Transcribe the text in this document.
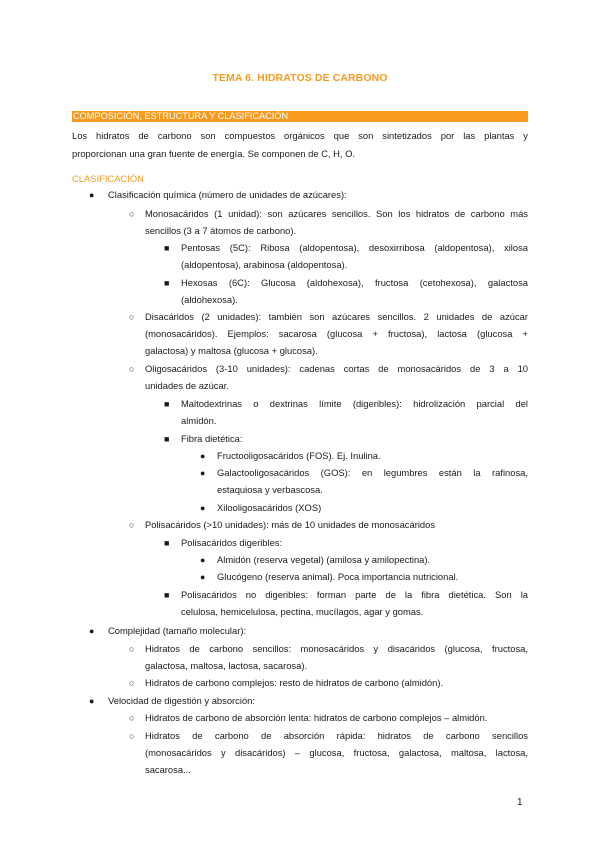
TEMA 6. HIDRATOS DE CARBONO
COMPOSICIÓN, ESTRUCTURA Y CLASIFICACIÓN
Los hidratos de carbono son compuestos orgánicos que son sintetizados por las plantas y
proporcionan una gran fuente de energía. Se componen de C, H, O.
CLASIFICACIÓN
● Clasificación química (número de unidades de azúcares):
○ Monosacáridos (1 unidad): son azúcares sencillos. Son los hidratos de carbono más
sencillos (3 a 7 átomos de carbono).
■ Pentosas (5C): Ribosa (aldopentosa), desoxirribosa (aldopentosa), xilosa
(aldopentosa), arabinosa (aldopentosa).
■ Hexosas (6C): Glucosa (aldohexosa), fructosa (cetohexosa), galactosa
(aldohexosa).
○ Disacáridos (2 unidades): también son azúcares sencillos. 2 unidades de azúcar
(monosacáridos). Ejemplos: sacarosa (glucosa + fructosa), lactosa (glucosa +
galactosa) y maltosa (glucosa + glucosa).
○ Oligosacáridos (3-10 unidades): cadenas cortas de monosacáridos de 3 a 10
unidades de azúcar.
■ Maltodextrinas o dextrinas límite (digeribles): hidrolización parcial del
almidón.
■ Fibra dietética:
● Fructooligosacáridos (FOS). Ej. Inulina.
● Galactooligosacáridos (GOS): en legumbres están la rafinosa,
estaquiosa y verbascosa.
● Xilooligosacáridos (XOS)
○ Polisacáridos (>10 unidades): más de 10 unidades de monosacáridos
■ Polisacáridos digeribles:
● Almidón (reserva vegetal) (amilosa y amilopectina).
● Glucógeno (reserva animal). Poca importancia nutricional.
■ Polisacáridos no digeribles: forman parte de la fibra dietética. Son la
celulosa, hemicelulosa, pectina, mucílagos, agar y gomas.
● Complejidad (tamaño molecular):
○ Hidratos de carbono sencillos: monosacáridos y disacáridos (glucosa, fructosa,
galactosa, maltosa, lactosa, sacarosa).
○ Hidratos de carbono complejos: resto de hidratos de carbono (almidón).
● Velocidad de digestión y absorción:
○ Hidratos de carbono de absorción lenta: hidratos de carbono complejos – almidón.
○ Hidratos de carbono de absorción rápida: hidratos de carbono sencillos
(monosacáridos y disacáridos) – glucosa, fructosa, galactosa, maltosa, lactosa,
sacarosa...
1
